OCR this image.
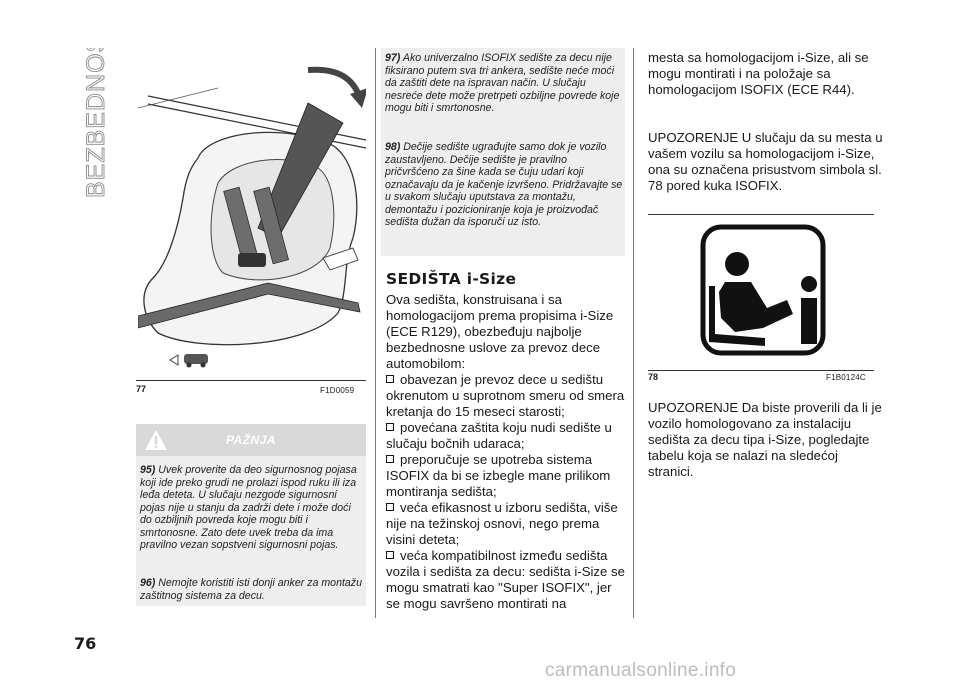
BEZBEDNOST
77	F1D0059
PAŽNJA

95) Uvek proverite da deo sigurnosnog pojasa koji ide preko grudi ne prolazi ispod ruku ili iza leđa deteta. U slučaju nezgode sigurnosni pojas nije u stanju da zadrži dete i može doći do ozbiljnih povreda koje mogu biti i smrtonosne. Zato dete uvek treba da ima pravilno vezan sopstveni sigurnosni pojas.

96) Nemojte koristiti isti donji anker za montažu zaštitnog sistema za decu.

76

97) Ako univerzalno ISOFIX sedište za decu nije fiksirano putem sva tri ankera, sedište neće moći da zaštiti dete na ispravan način. U slučaju nesreće dete može pretrpeti ozbiljne povrede koje mogu biti i smrtonosne.

98) Dečije sedište ugrađujte samo dok je vozilo zaustavljeno. Dečije sedište je pravilno pričvršćeno za šine kada se čuju udari koji označavaju da je kačenje izvršeno. Pridržavajte se u svakom slučaju uputstava za montažu, demontažu i pozicioniranje koja je proizvođač sedišta dužan da isporuči uz isto.

SEDIŠTA i-Size

Ova sedišta, konstruisana i sa homologacijom prema propisima i-Size (ECE R129), obezbeđuju najbolje bezbednosne uslove za prevoz dece automobilom:

obavezan je prevoz dece u sedištu okrenutom u suprotnom smeru od smera kretanja do 15 meseci starosti;

povećana zaštita koju nudi sedište u slučaju bočnih udaraca;

preporučuje se upotreba sistema ISOFIX da bi se izbegle mane prilikom montiranja sedišta;

veća efikasnost u izboru sedišta, više nije na težinskoj osnovi, nego prema visini deteta;

veća kompatibilnost između sedišta vozila i sedišta za decu: sedišta i-Size se mogu smatrati kao "Super ISOFIX", jer se mogu savršeno montirati na

mesta sa homologacijom i-Size, ali se mogu montirati i na položaje sa homologacijom ISOFIX (ECE R44).
UPOZORENJE U slučaju da su mesta u vašem vozilu sa homologacijom i-Size, ona su označena prisustvom simbola sl. 78 pored kuka ISOFIX.
78	F1B0124C
UPOZORENJE Da biste proverili da li je vozilo homologovano za instalaciju sedišta za decu tipa i-Size, pogledajte tabelu koja se nalazi na sledećoj stranici.
carmanualsonline.info
